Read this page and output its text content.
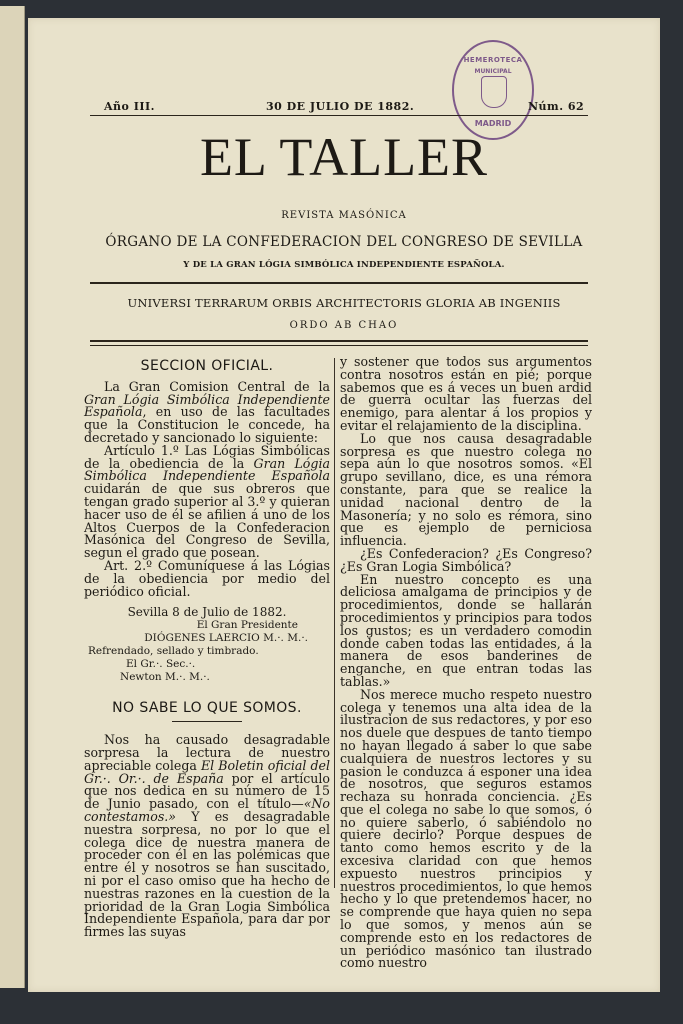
HEMEROTECA
MUNICIPAL
MADRID
Año III.	30 DE JULIO DE 1882.	Núm. 62
EL TALLER
REVISTA MASÓNICA
ÓRGANO DE LA CONFEDERACION DEL CONGRESO DE SEVILLA
Y DE LA GRAN LÓGIA SIMBÓLICA INDEPENDIENTE ESPAÑOLA.
UNIVERSI TERRARUM ORBIS ARCHITECTORIS GLORIA AB INGENIIS
ORDO AB CHAO
SECCION OFICIAL.

La Gran Comision Central de la Gran Lógia Simbólica Independiente Española, en uso de las facultades que la Constitucion le concede, ha decretado y sancionado lo siguiente:

Artículo 1.º Las Lógias Simbólicas de la obediencia de la Gran Lógia Simbólica Independiente Española cuidarán de que sus obreros que tengan grado superior al 3.º y quieran hacer uso de él se afilien á uno de los Altos Cuerpos de la Confederacion Masónica del Congreso de Sevilla, segun el grado que posean.

Art. 2.º Comuníquese á las Lógias de la obediencia por medio del periódico oficial.

Sevilla 8 de Julio de 1882.
El Gran Presidente
DIÓGENES LAERCIO M.·. M.·.
Refrendado, sellado y timbrado.
El Gr.·. Sec.·.
Newton M.·. M.·.
NO SABE LO QUE SOMOS.

Nos ha causado desagradable sorpresa la lectura de nuestro apreciable colega El Boletin oficial del Gr.·. Or.·. de España por el artículo que nos dedica en su número de 15 de Junio pasado, con el título—«No contestamos.» Y es desagradable nuestra sorpresa, no por lo que el colega dice de nuestra manera de proceder con él en las polémicas que entre él y nosotros se han suscitado, ni por el caso omiso que ha hecho de nuestras razones en la cuestion de la prioridad de la Gran Logia Simbólica Independiente Española, para dar por firmes las suyas

y sostener que todos sus argumentos contra nosotros están en pié; porque sabemos que es á veces un buen ardid de guerra ocultar las fuerzas del enemigo, para alentar á los propios y evitar el relajamiento de la disciplina.

Lo que nos causa desagradable sorpresa es que nuestro colega no sepa aún lo que nosotros somos. «El grupo sevillano, dice, es una rémora constante, para que se realice la unidad nacional dentro de la Masonería; y no solo es rémora, sino que es ejemplo de perniciosa influencia.

¿Es Confederacion? ¿Es Congreso? ¿Es Gran Logia Simbólica?

En nuestro concepto es una deliciosa amalgama de principios y de procedimientos, donde se hallarán procedimientos y principios para todos los gustos; es un verdadero comodin donde caben todas las entidades, á la manera de esos banderines de enganche, en que entran todas las tablas.»

Nos merece mucho respeto nuestro colega y tenemos una alta idea de la ilustracion de sus redactores, y por eso nos duele que despues de tanto tiempo no hayan llegado á saber lo que sabe cualquiera de nuestros lectores y su pasion le conduzca á esponer una idea de nosotros, que seguros estamos rechaza su honrada conciencia. ¿Es que el colega no sabe lo que somos, ó no quiere saberlo, ó sabiéndolo no quiere decirlo? Porque despues de tanto como hemos escrito y de la excesiva claridad con que hemos expuesto nuestros principios y nuestros procedimientos, lo que hemos hecho y lo que pretendemos hacer, no se comprende que haya quien no sepa lo que somos, y menos aún se comprende esto en los redactores de un periódico masónico tan ilustrado como nuestro
